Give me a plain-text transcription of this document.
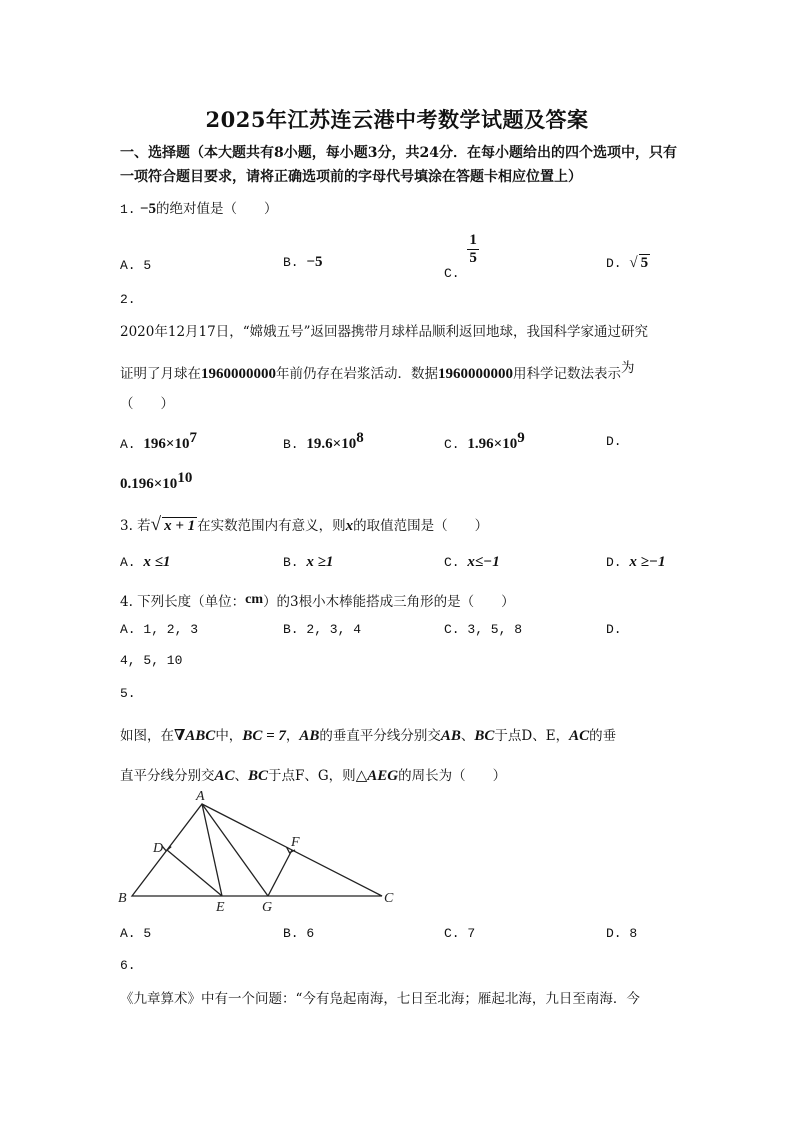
2025年江苏连云港中考数学试题及答案
一、选择题（本大题共有8小题，每小题3分，共24分．在每小题给出的四个选项中，只有
一项符合题目要求，请将正确选项前的字母代号填涂在答题卡相应位置上）
1. −5的绝对值是（　　）
A. 5	B. −5
C.
$\frac{1}{5}$	D. √ 5
2.
2020年12月17日，“嫦娥五号”返回器携带月球样品顺利返回地球，我国科学家通过研究
证明了月球在1960000000年前仍存在岩浆活动．数据1960000000用科学记数法表示为
（　　）
A. $196\times 10^7$	B. $19.6\times 10^8$	C. $1.96\times 10^9$	D.
$0.196\times 10^{10}$
3. 若√ x + 1 在实数范围内有意义，则x的取值范围是（　　）
A. x ≤1	B. x ≥1	C. x≤−1	D. x ≥−1
4. 下列长度（单位：cm）的3根小木棒能搭成三角形的是（　　）
A. 1, 2, 3	B. 2, 3, 4	C. 3, 5, 8	D.
4, 5, 10
5.
如图，在∇ABC中，BC = 7，AB的垂直平分线分别交AB、BC于点D、E，AC的垂
直平分线分别交AC、BC于点F、G，则△AEG的周长为（　　）
A
B	C
D
E
F
G
A. 5	B. 6	C. 7	D. 8
6.
《九章算术》中有一个问题：“今有凫起南海，七日至北海；雁起北海，九日至南海．今
